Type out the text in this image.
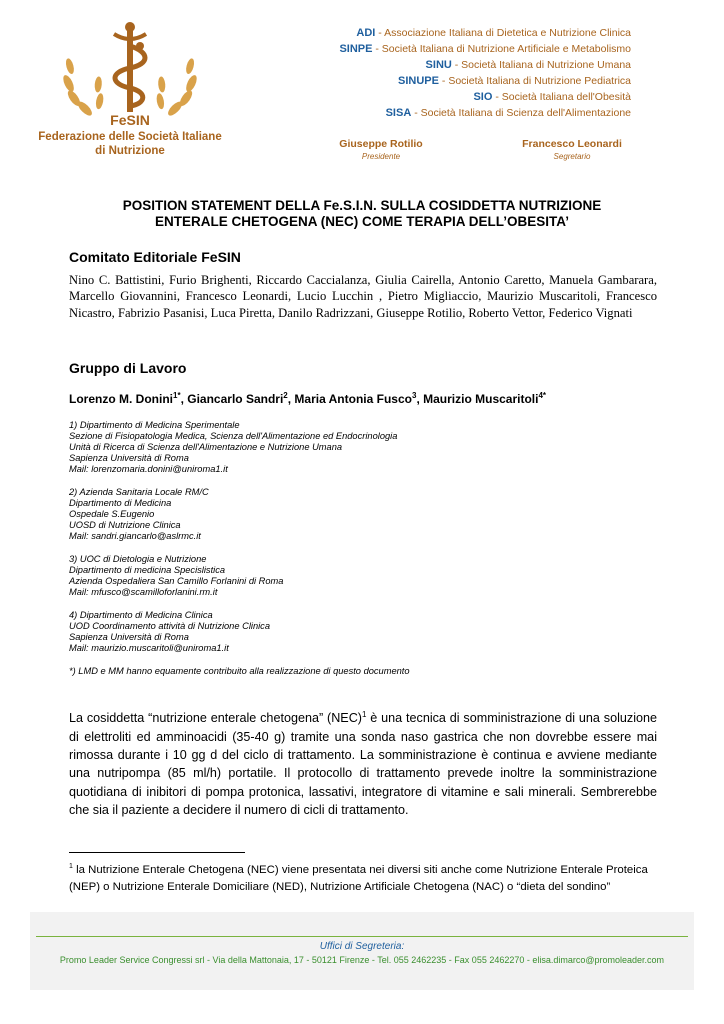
FeSIN
Federazione delle Società Italiane
di Nutrizione
ADI - Associazione Italiana di Dietetica e Nutrizione Clinica
SINPE - Società Italiana di Nutrizione Artificiale e Metabolismo
SINU - Società Italiana di Nutrizione Umana
SINUPE - Società Italiana di Nutrizione Pediatrica
SIO - Società Italiana dell'Obesità
SISA - Società Italiana di Scienza dell'Alimentazione
Giuseppe Rotilio
Presidente
Francesco Leonardi
Segretario
POSITION STATEMENT DELLA Fe.S.I.N. SULLA COSIDDETTA NUTRIZIONE
ENTERALE CHETOGENA (NEC) COME TERAPIA DELL’OBESITA’
Comitato Editoriale FeSIN
Nino C. Battistini, Furio Brighenti, Riccardo Caccialanza, Giulia Cairella, Antonio Caretto, Manuela Gambarara, Marcello Giovannini, Francesco Leonardi, Lucio Lucchin , Pietro Migliaccio, Maurizio Muscaritoli, Francesco Nicastro, Fabrizio Pasanisi, Luca Piretta, Danilo Radrizzani, Giuseppe Rotilio, Roberto Vettor, Federico Vignati
Gruppo di Lavoro
Lorenzo M. Donini$^{1*}$, Giancarlo Sandri$^2$, Maria Antonia Fusco$^3$, Maurizio Muscaritoli$^{4*}$
1) Dipartimento di Medicina Sperimentale
Sezione di Fisiopatologia Medica, Scienza dell'Alimentazione ed Endocrinologia
Unità di Ricerca di Scienza dell'Alimentazione e Nutrizione Umana
Sapienza Università di Roma
Mail: lorenzomaria.donini@uniroma1.it
2) Azienda Sanitaria Locale RM/C
Dipartimento di Medicina
Ospedale S.Eugenio
UOSD di Nutrizione Clinica
Mail: sandri.giancarlo@aslrmc.it
3) UOC di Dietologia e Nutrizione
Dipartimento di medicina Specislistica
Azienda Ospedaliera San Camillo Forlanini di Roma
Mail: mfusco@scamilloforlanini.rm.it
4) Dipartimento di Medicina Clinica
UOD Coordinamento attività di Nutrizione Clinica
Sapienza Università di Roma
Mail: maurizio.muscaritoli@uniroma1.it
*) LMD e MM hanno equamente contribuito alla realizzazione di questo documento
La cosiddetta “nutrizione enterale chetogena” (NEC)$^1$ è una tecnica di somministrazione di una soluzione di elettroliti ed amminoacidi (35-40 g) tramite una sonda naso gastrica che non dovrebbe essere mai rimossa durante i 10 gg d del ciclo di trattamento. La somministrazione è continua e avviene mediante una nutripompa (85 ml/h) portatile. Il protocollo di trattamento prevede inoltre la somministrazione quotidiana di inibitori di pompa protonica, lassativi, integratore di vitamine e sali minerali. Sembrerebbe che sia il paziente a decidere il numero di cicli di trattamento.
$^1$ la Nutrizione Enterale Chetogena (NEC) viene presentata nei diversi siti anche come Nutrizione Enterale Proteica (NEP) o Nutrizione Enterale Domiciliare (NED), Nutrizione Artificiale Chetogena (NAC) o “dieta del sondino”
Uffici di Segreteria:
Promo Leader Service Congressi srl - Via della Mattonaia, 17 - 50121 Firenze - Tel. 055 2462235 - Fax 055 2462270 - elisa.dimarco@promoleader.com
